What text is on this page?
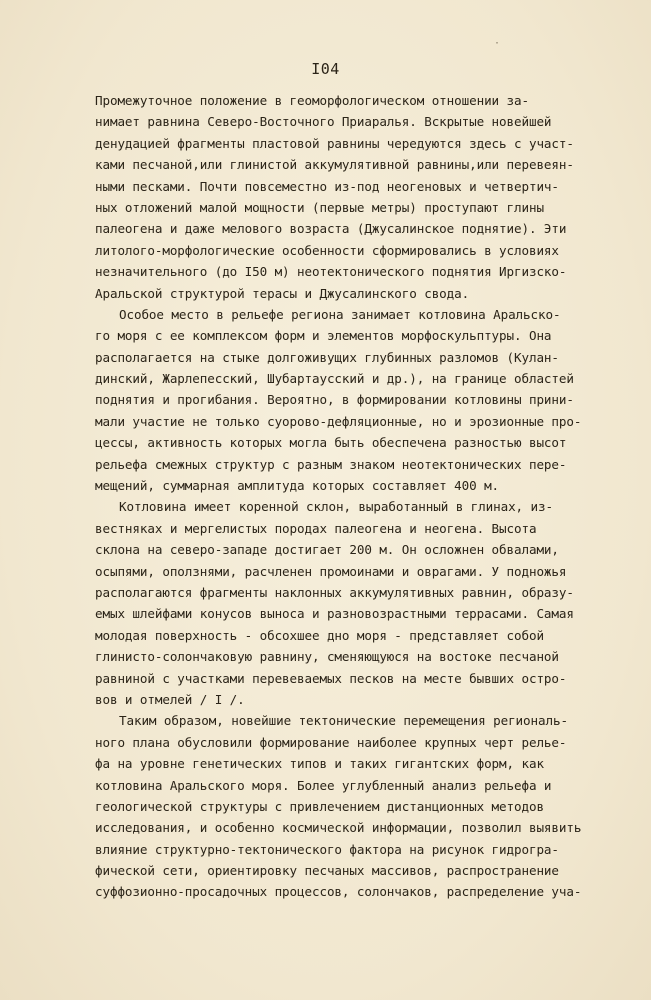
·
I04
Промежуточное положение в геоморфологическом отношении за-
нимает равнина Северо-Восточного Приаралья. Вскрытые новейшей
денудацией фрагменты пластовой равнины чередуются здесь с участ-
ками песчаной,или глинистой аккумулятивной равнины,или перевеян-
ными песками. Почти повсеместно из-под неогеновых и четвертич-
ных отложений малой мощности (первые метры) проступают глины
палеогена и даже мелового возраста (Джусалинское поднятие). Эти
литолого-морфологические особенности сформировались в условиях
незначительного (до I50 м) неотектонического поднятия Иргизско-
Аральской структурой терасы и Джусалинского свода.
Особое место в рельефе региона занимает котловина Аральско-
го моря с ее комплексом форм и элементов морфоскульптуры. Она
располагается на стыке долгоживущих глубинных разломов (Кулан-
динский, Жарлепесский, Шубартаусский и др.), на границе областей
поднятия и прогибания. Вероятно, в формировании котловины прини-
мали участие не только суорово-дефляционные, но и эрозионные про-
цессы, активность которых могла быть обеспечена разностью высот
рельефа смежных структур с разным знаком неотектонических пере-
мещений, суммарная амплитуда которых составляет 400 м.
Котловина имеет коренной склон, выработанный в глинах, из-
вестняках и мергелистых породах палеогена и неогена. Высота
склона на северо-западе достигает 200 м. Он осложнен обвалами,
осыпями, оползнями, расчленен промоинами и оврагами. У подножья
располагаются фрагменты наклонных аккумулятивных равнин, образу-
емых шлейфами конусов выноса и разновозрастными террасами. Самая
молодая поверхность - обсохшее дно моря - представляет собой
глинисто-солончаковую равнину, сменяющуюся на востоке песчаной
равниной с участками перевеваемых песков на месте бывших остро-
вов и отмелей / I /.
Таким образом, новейшие тектонические перемещения региональ-
ного плана обусловили формирование наиболее крупных черт релье-
фа на уровне генетических типов и таких гигантских форм, как
котловина Аральского моря. Более углубленный анализ рельефа и
геологической структуры с привлечением дистанционных методов
исследования, и особенно космической информации, позволил выявить
влияние структурно-тектонического фактора на рисунок гидрогра-
фической сети, ориентировку песчаных массивов, распространение
суффозионно-просадочных процессов, солончаков, распределение уча-
